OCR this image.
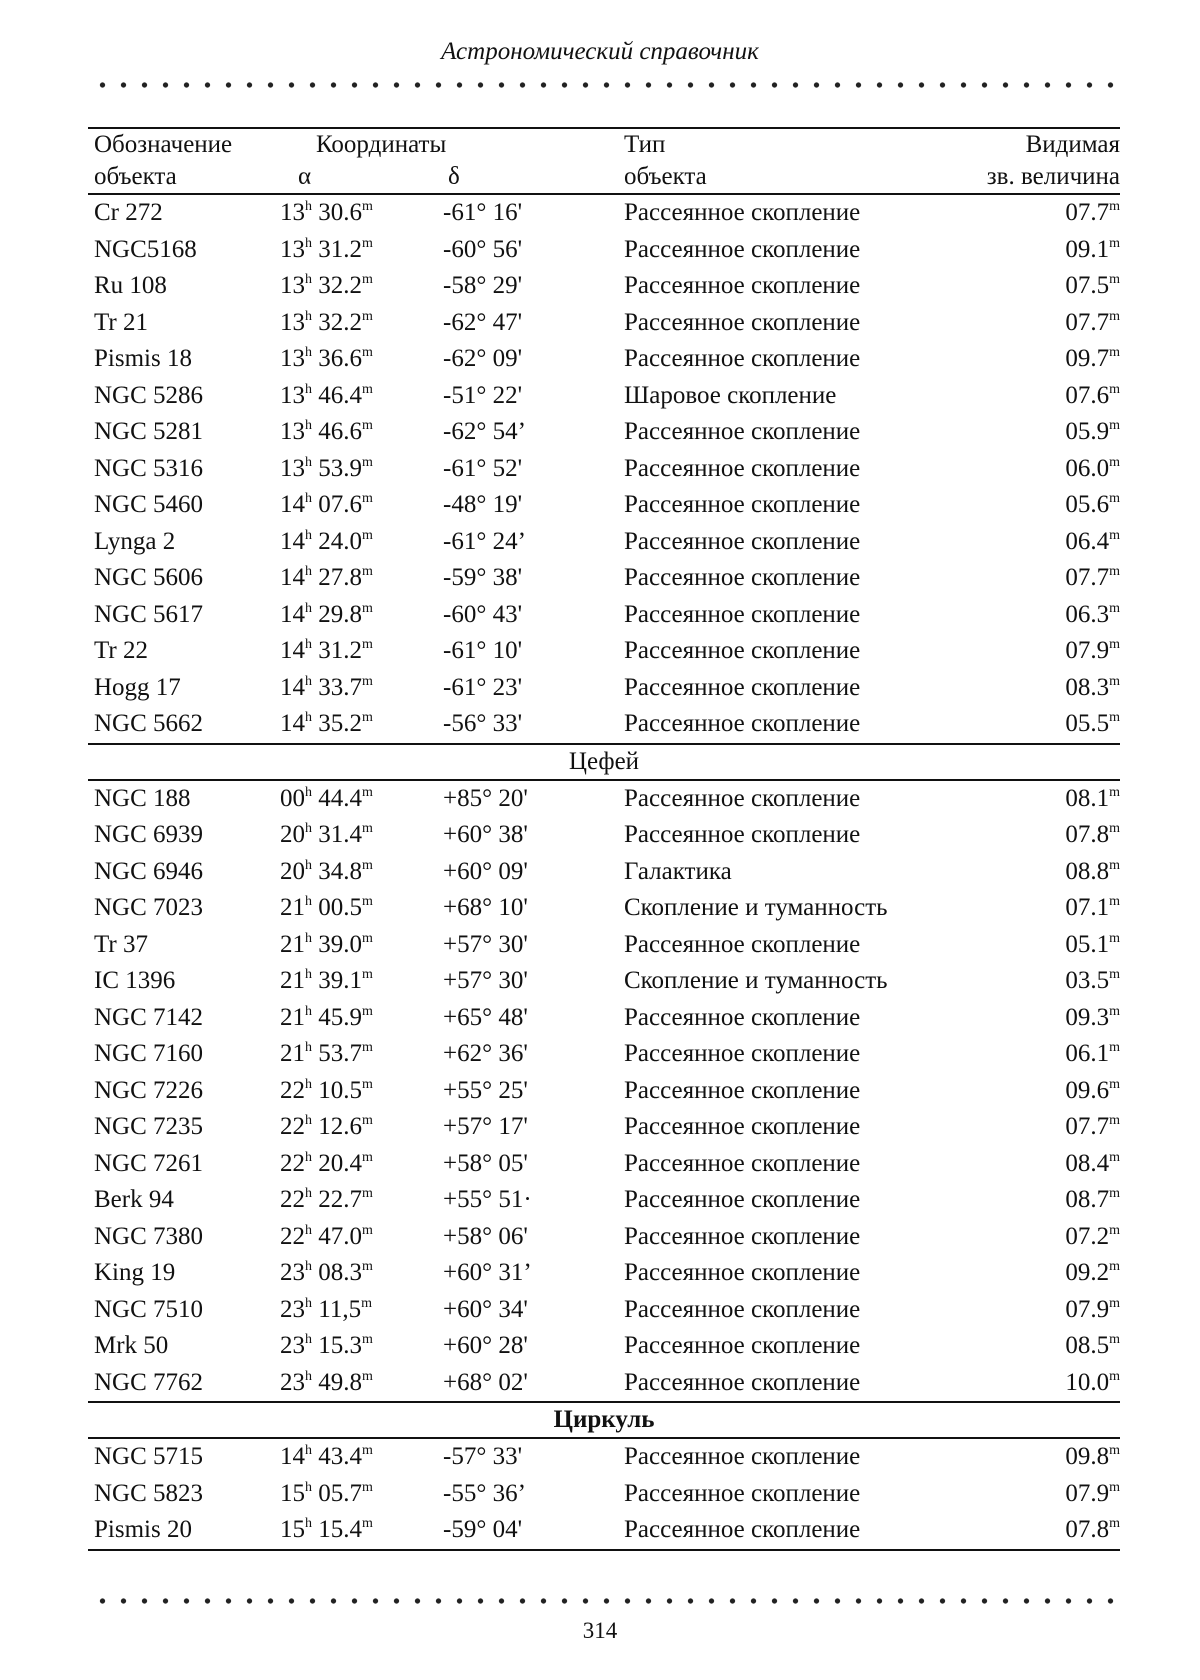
Астрономический справочник
Обозначение	Координаты	Тип	Видимая
объекта	α	δ	объекта	зв. величина
Cr 272	13$^h$ 30.6$^m$	-61° 16'	Рассеянное скопление	07.7$^m$
NGC5168	13$^h$ 31.2$^m$	-60° 56'	Рассеянное скопление	09.1$^m$
Ru 108	13$^h$ 32.2$^m$	-58° 29'	Рассеянное скопление	07.5$^m$
Tr 21	13$^h$ 32.2$^m$	-62° 47'	Рассеянное скопление	07.7$^m$
Pismis 18	13$^h$ 36.6$^m$	-62° 09'	Рассеянное скопление	09.7$^m$
NGC 5286	13$^h$ 46.4$^m$	-51° 22'	Шаровое скопление	07.6$^m$
NGC 5281	13$^h$ 46.6$^m$	-62° 54’	Рассеянное скопление	05.9$^m$
NGC 5316	13$^h$ 53.9$^m$	-61° 52'	Рассеянное скопление	06.0$^m$
NGC 5460	14$^h$ 07.6$^m$	-48° 19'	Рассеянное скопление	05.6$^m$
Lynga 2	14$^h$ 24.0$^m$	-61° 24’	Рассеянное скопление	06.4$^m$
NGC 5606	14$^h$ 27.8$^m$	-59° 38'	Рассеянное скопление	07.7$^m$
NGC 5617	14$^h$ 29.8$^m$	-60° 43'	Рассеянное скопление	06.3$^m$
Tr 22	14$^h$ 31.2$^m$	-61° 10'	Рассеянное скопление	07.9$^m$
Hogg 17	14$^h$ 33.7$^m$	-61° 23'	Рассеянное скопление	08.3$^m$
NGC 5662	14$^h$ 35.2$^m$	-56° 33'	Рассеянное скопление	05.5$^m$
Цефей
NGC 188	00$^h$ $44.4^m$	+85° 20'	Рассеянное скопление	08.1$^m$
NGC 6939	20$^h$ $31.4^m$	+60° 38'	Рассеянное скопление	07.8$^m$
NGC 6946	20$^h$ $34.8^m$	+60° 09'	Галактика	08.8$^m$
NGC 7023	21$^h$ $00.5^m$	+68° 10'	Скопление и туманность	07.1$^m$
Tr 37	21$^h$ $39.0^m$	+57° 30'	Рассеянное скопление	05.1$^m$
IC 1396	21$^h$ $39.1^m$	+57° 30'	Скопление и туманность	03.5$^m$
NGC 7142	21$^h$ $45.9^m$	+65° 48'	Рассеянное скопление	09.3$^m$
NGC 7160	21$^h$ $53.7^m$	+62° 36'	Рассеянное скопление	06.1$^m$
NGC 7226	22$^h$ $10.5^m$	+55° 25'	Рассеянное скопление	09.6$^m$
NGC 7235	22$^h$ $12.6^m$	+57° 17'	Рассеянное скопление	07.7$^m$
NGC 7261	22$^h$ $20.4^m$	+58° 05'	Рассеянное скопление	08.4$^m$
Berk 94	22$^h$ $22.7^m$	+55° 51·	Рассеянное скопление	08.7$^m$
NGC 7380	22$^h$ $47.0^m$	+58° 06'	Рассеянное скопление	07.2$^m$
King 19	23$^h$ $08.3^m$	+60° 31’	Рассеянное скопление	09.2$^m$
NGC 7510	23$^h$ $11,5^m$	+60° 34'	Рассеянное скопление	07.9$^m$
Mrk 50	23$^h$ $15.3^m$	+60° 28'	Рассеянное скопление	08.5$^m$
NGC 7762	23$^h$ $49.8^m$	+68° 02'	Рассеянное скопление	10.0$^m$
Циркуль
NGC 5715	14$^h$ 43.4$^m$	-57° 33'	Рассеянное скопление	09.8$^m$
NGC 5823	15$^h$ 05.7$^m$	-55° 36’	Рассеянное скопление	07.9$^m$
Pismis 20	15$^h$ 15.4$^m$	-59° 04'	Рассеянное скопление	07.8$^m$
314
